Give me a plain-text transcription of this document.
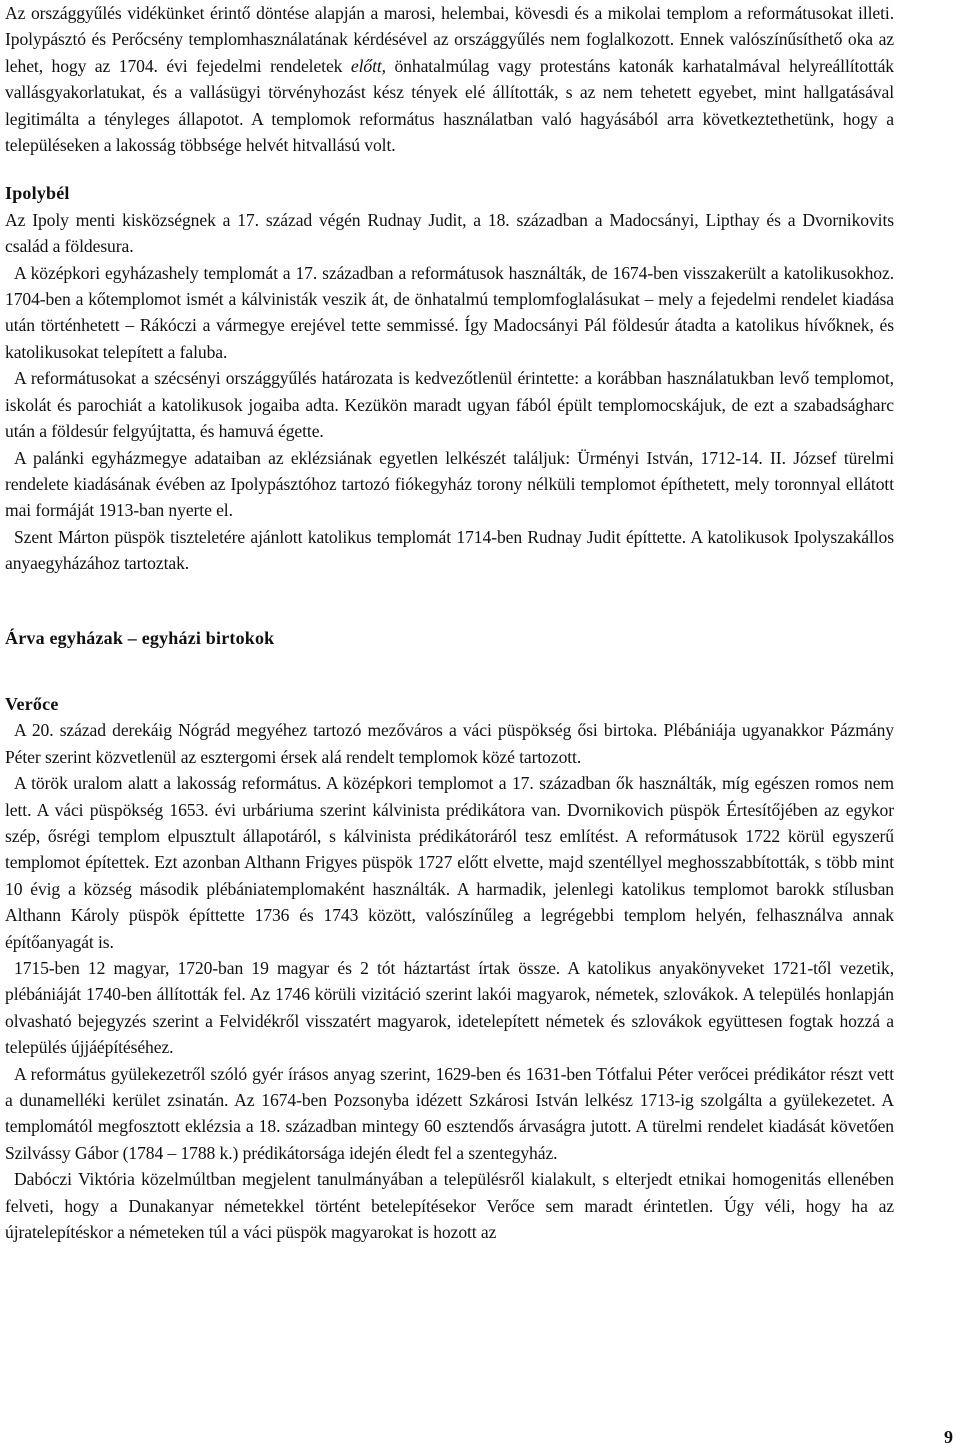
Az országgyűlés vidékünket érintő döntése alapján a marosi, helembai, kövesdi és a mikolai templom a reformátusokat illeti. Ipolypásztó és Perőcsény templomhasználatának kérdésével az országgyűlés nem foglalkozott. Ennek valószínűsíthető oka az lehet, hogy az 1704. évi fejedelmi rendeletek előtt, önhatalmúlag vagy protestáns katonák karhatalmával helyreállították vallásgyakorlatukat, és a vallásügyi törvényhozást kész tények elé állították, s az nem tehetett egyebet, mint hallgatásával legitimálta a tényleges állapotot. A templomok református használatban való hagyásából arra következtethetünk, hogy a településeken a lakosság többsége helvét hitvallású volt.

Ipolybél

Az Ipoly menti kisközségnek a 17. század végén Rudnay Judit, a 18. században a Madocsányi, Lipthay és a Dvornikovits család a földesura.

A középkori egyházashely templomát a 17. században a reformátusok használták, de 1674-ben visszakerült a katolikusokhoz. 1704-ben a kőtemplomot ismét a kálvinisták veszik át, de önhatalmú templomfoglalásukat – mely a fejedelmi rendelet kiadása után történhetett – Rákóczi a vármegye erejével tette semmissé. Így Madocsányi Pál földesúr átadta a katolikus hívőknek, és katolikusokat telepített a faluba.

A reformátusokat a szécsényi országgyűlés határozata is kedvezőtlenül érintette: a korábban használatukban levő templomot, iskolát és parochiát a katolikusok jogaiba adta. Kezükön maradt ugyan fából épült templomocskájuk, de ezt a szabadságharc után a földesúr felgyújtatta, és hamuvá égette.

A palánki egyházmegye adataiban az eklézsiának egyetlen lelkészét találjuk: Ürményi István, 1712-14. II. József türelmi rendelete kiadásának évében az Ipolypásztóhoz tartozó fiókegyház torony nélküli templomot építhetett, mely toronnyal ellátott mai formáját 1913-ban nyerte el.

Szent Márton püspök tiszteletére ajánlott katolikus templomát 1714-ben Rudnay Judit építtette. A katolikusok Ipolyszakállos anyaegyházához tartoztak.

Árva egyházak – egyházi birtokok
Verőce

A 20. század derekáig Nógrád megyéhez tartozó mezőváros a váci püspökség ősi birtoka. Plébániája ugyanakkor Pázmány Péter szerint közvetlenül az esztergomi érsek alá rendelt templomok közé tartozott.

A török uralom alatt a lakosság református. A középkori templomot a 17. században ők használták, míg egészen romos nem lett. A váci püspökség 1653. évi urbáriuma szerint kálvinista prédikátora van. Dvornikovich püspök Értesítőjében az egykor szép, ősrégi templom elpusztult állapotáról, s kálvinista prédikátoráról tesz említést. A reformátusok 1722 körül egyszerű templomot építettek. Ezt azonban Althann Frigyes püspök 1727 előtt elvette, majd szentéllyel meghosszabbították, s több mint 10 évig a község második plébániatemplomaként használták. A harmadik, jelenlegi katolikus templomot barokk stílusban Althann Károly püspök építtette 1736 és 1743 között, valószínűleg a legrégebbi templom helyén, felhasználva annak építőanyagát is.

1715-ben 12 magyar, 1720-ban 19 magyar és 2 tót háztartást írtak össze. A katolikus anyakönyveket 1721-től vezetik, plébániáját 1740-ben állították fel. Az 1746 körüli vizitáció szerint lakói magyarok, németek, szlovákok. A település honlapján olvasható bejegyzés szerint a Felvidékről visszatért magyarok, idetelepített németek és szlovákok együttesen fogtak hozzá a település újjáépítéséhez.

A református gyülekezetről szóló gyér írásos anyag szerint, 1629-ben és 1631-ben Tótfalui Péter verőcei prédikátor részt vett a dunamelléki kerület zsinatán. Az 1674-ben Pozsonyba idézett Szkárosi István lelkész 1713-ig szolgálta a gyülekezetet. A templomától megfosztott eklézsia a 18. században mintegy 60 esztendős árvaságra jutott. A türelmi rendelet kiadását követően Szilvássy Gábor (1784 – 1788 k.) prédikátorsága idején éledt fel a szentegyház.

Dabóczi Viktória közelmúltban megjelent tanulmányában a településről kialakult, s elterjedt etnikai homogenitás ellenében felveti, hogy a Dunakanyar németekkel történt betelepítésekor Verőce sem maradt érintetlen. Úgy véli, hogy ha az újratelepítéskor a németeken túl a váci püspök magyarokat is hozott az

9
